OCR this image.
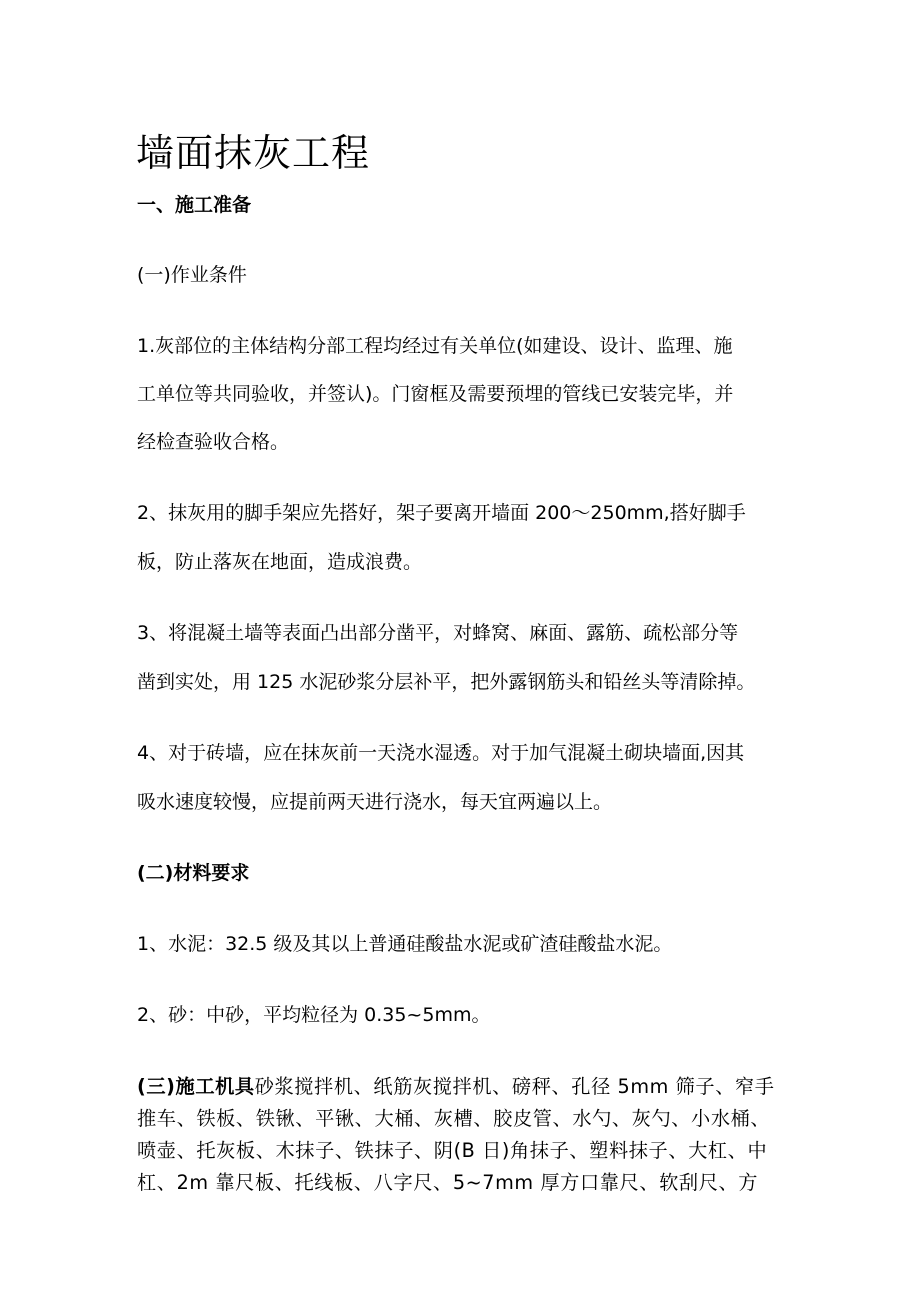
墙面抹灰工程
一、施工准备
(一)作业条件
1.灰部位的主体结构分部工程均经过有关单位(如建设、设计、监理、施
工单位等共同验收，并签认)。门窗框及需要预埋的管线已安装完毕，并
经检查验收合格。
2、抹灰用的脚手架应先搭好，架子要离开墙面 200～250mm,搭好脚手
板，防止落灰在地面，造成浪费。
3、将混凝土墙等表面凸出部分凿平，对蜂窝、麻面、露筋、疏松部分等
凿到实处，用 125 水泥砂浆分层补平，把外露钢筋头和铅丝头等清除掉。
4、对于砖墙，应在抹灰前一天浇水湿透。对于加气混凝土砌块墙面,因其
吸水速度较慢，应提前两天进行浇水，每天宜两遍以上。
(二)材料要求
1、水泥：32.5 级及其以上普通硅酸盐水泥或矿渣硅酸盐水泥。
2、砂：中砂，平均粒径为 0.35~5mm。
(三)施工机具砂浆搅拌机、纸筋灰搅拌机、磅秤、孔径 5mm 筛子、窄手
推车、铁板、铁锹、平锹、大桶、灰槽、胶皮管、水勺、灰勺、小水桶、
喷壶、托灰板、木抹子、铁抹子、阴(B 日)角抹子、塑料抹子、大杠、中
杠、2m 靠尺板、托线板、八字尺、5~7mm 厚方口靠尺、软刮尺、方
